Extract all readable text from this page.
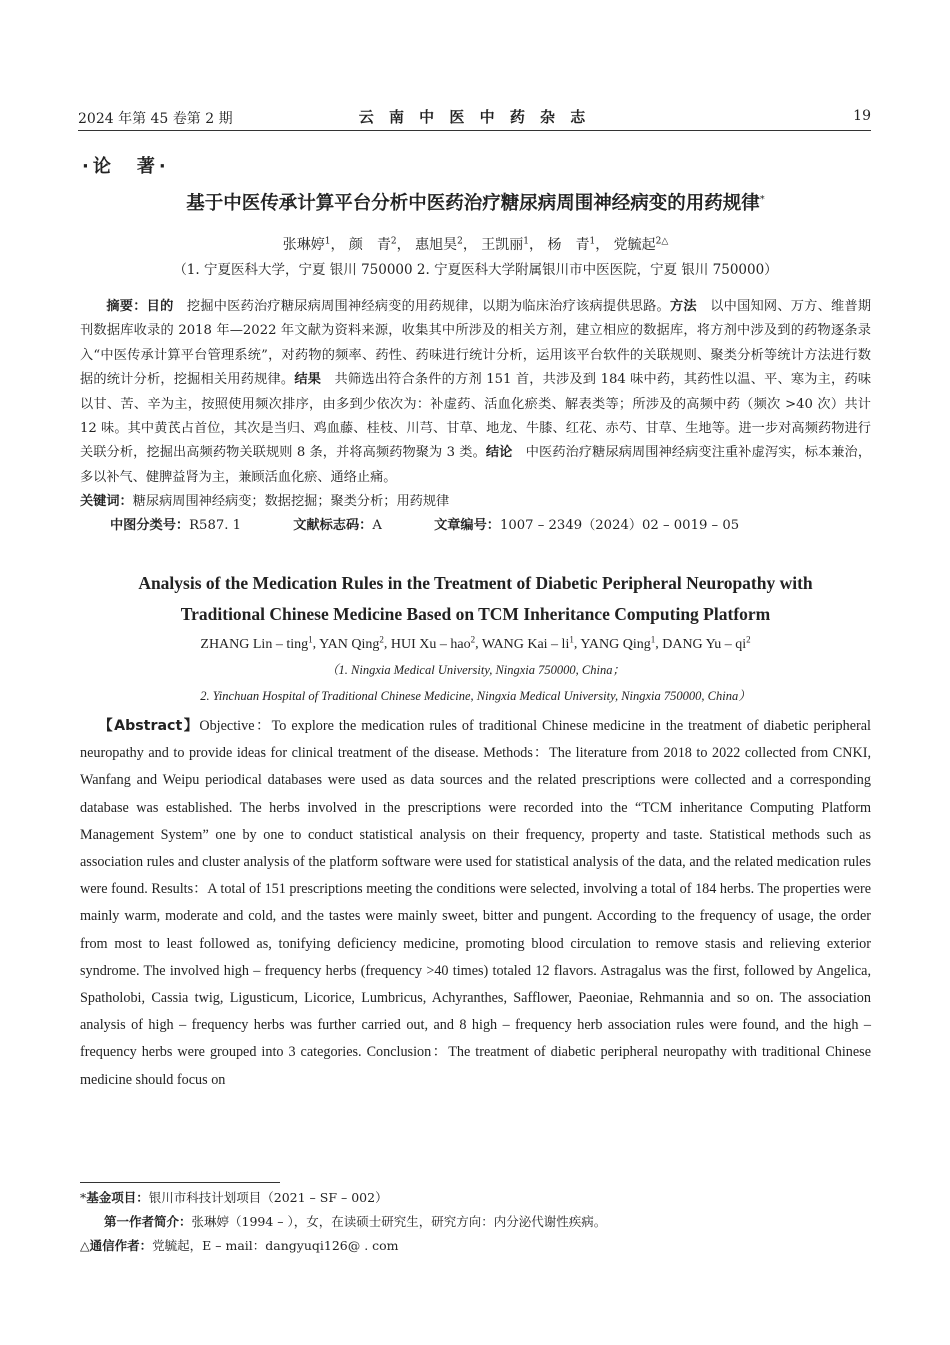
2024 年第 45 卷第 2 期	云 南 中 医 中 药 杂 志	19

·论　著·

基于中医传承计算平台分析中医药治疗糖尿病周围神经病变的用药规律*

张琳婷$^1$， 颜　青$^2$， 惠旭昊$^2$， 王凯丽$^1$， 杨　青$^1$， 党毓起$^{2\triangle}$

（1. 宁夏医科大学，宁夏 银川 750000 2. 宁夏医科大学附属银川市中医医院，宁夏 银川 750000）

摘要：目的　 挖掘中医药治疗糖尿病周围神经病变的用药规律，以期为临床治疗该病提供思路。方法　 以中国知网、万方、维普期刊数据库收录的 2018 年—2022 年文献为资料来源，收集其中所涉及的相关方剂，建立相应的数据库，将方剂中涉及到的药物逐条录入“中医传承计算平台管理系统”，对药物的频率、药性、药味进行统计分析，运用该平台软件的关联规则、聚类分析等统计方法进行数据的统计分析，挖掘相关用药规律。结果　 共筛选出符合条件的方剂 151 首，共涉及到 184 味中药，其药性以温、平、寒为主，药味以甘、苦、辛为主，按照使用频次排序，由多到少依次为：补虚药、活血化瘀类、解表类等；所涉及的高频中药（频次 >40 次）共计 12 味。其中黄芪占首位，其次是当归、鸡血藤、桂枝、川芎、甘草、地龙、牛膝、红花、赤芍、甘草、生地等。进一步对高频药物进行关联分析，挖掘出高频药物关联规则 8 条，并将高频药物聚为 3 类。结论　 中医药治疗糖尿病周围神经病变注重补虚泻实，标本兼治，多以补气、健脾益肾为主，兼顾活血化瘀、通络止痛。

关键词：糖尿病周围神经病变；数据挖掘；聚类分析；用药规律

中图分类号：R587. 1	文献标志码：A	文章编号：1007 – 2349（2024）02 – 0019 – 05

Analysis of the Medication Rules in the Treatment of Diabetic Peripheral Neuropathy with
Traditional Chinese Medicine Based on TCM Inheritance Computing Platform

ZHANG Lin – ting$^1$, YAN Qing$^2$, HUI Xu – hao$^2$, WANG Kai – $li^1$, YANG Qing$^1$, DANG Yu – $qi^2$

（1. Ningxia Medical University, Ningxia 750000, China；
2. Yinchuan Hospital of Traditional Chinese Medicine, Ningxia Medical University, Ningxia 750000, China）

【Abstract】Objective：To explore the medication rules of traditional Chinese medicine in the treatment of diabetic peripheral neuropathy and to provide ideas for clinical treatment of the disease. Methods：The literature from 2018 to 2022 collected from CNKI, Wanfang and Weipu periodical databases were used as data sources and the related prescriptions were collected and a corresponding database was established. The herbs involved in the prescriptions were recorded into the “TCM inheritance Computing Platform Management System” one by one to conduct statistical analysis on their frequency, property and taste. Statistical methods such as association rules and cluster analysis of the platform software were used for statistical analysis of the data, and the related medication rules were found. Results：A total of 151 prescriptions meeting the conditions were selected, involving a total of 184 herbs. The properties were mainly warm, moderate and cold, and the tastes were mainly sweet, bitter and pungent. According to the frequency of usage, the order from most to least followed as, tonifying deficiency medicine, promoting blood circulation to remove stasis and relieving exterior syndrome. The involved high – frequency herbs (frequency >40 times) totaled 12 flavors. Astragalus was the first, followed by Angelica, Spatholobi, Cassia twig, Ligusticum, Licorice, Lumbricus, Achyranthes, Safflower, Paeoniae, Rehmannia and so on. The association analysis of high – frequency herbs was further carried out, and 8 high – frequency herb association rules were found, and the high – frequency herbs were grouped into 3 categories. Conclusion：The treatment of diabetic peripheral neuropathy with traditional Chinese medicine should focus on

*基金项目：银川市科技计划项目（2021 – SF – 002）

第一作者简介：张琳婷（1994 – ），女，在读硕士研究生，研究方向：内分泌代谢性疾病。

△通信作者：党毓起，E – mail：dangyuqi126@ . com
